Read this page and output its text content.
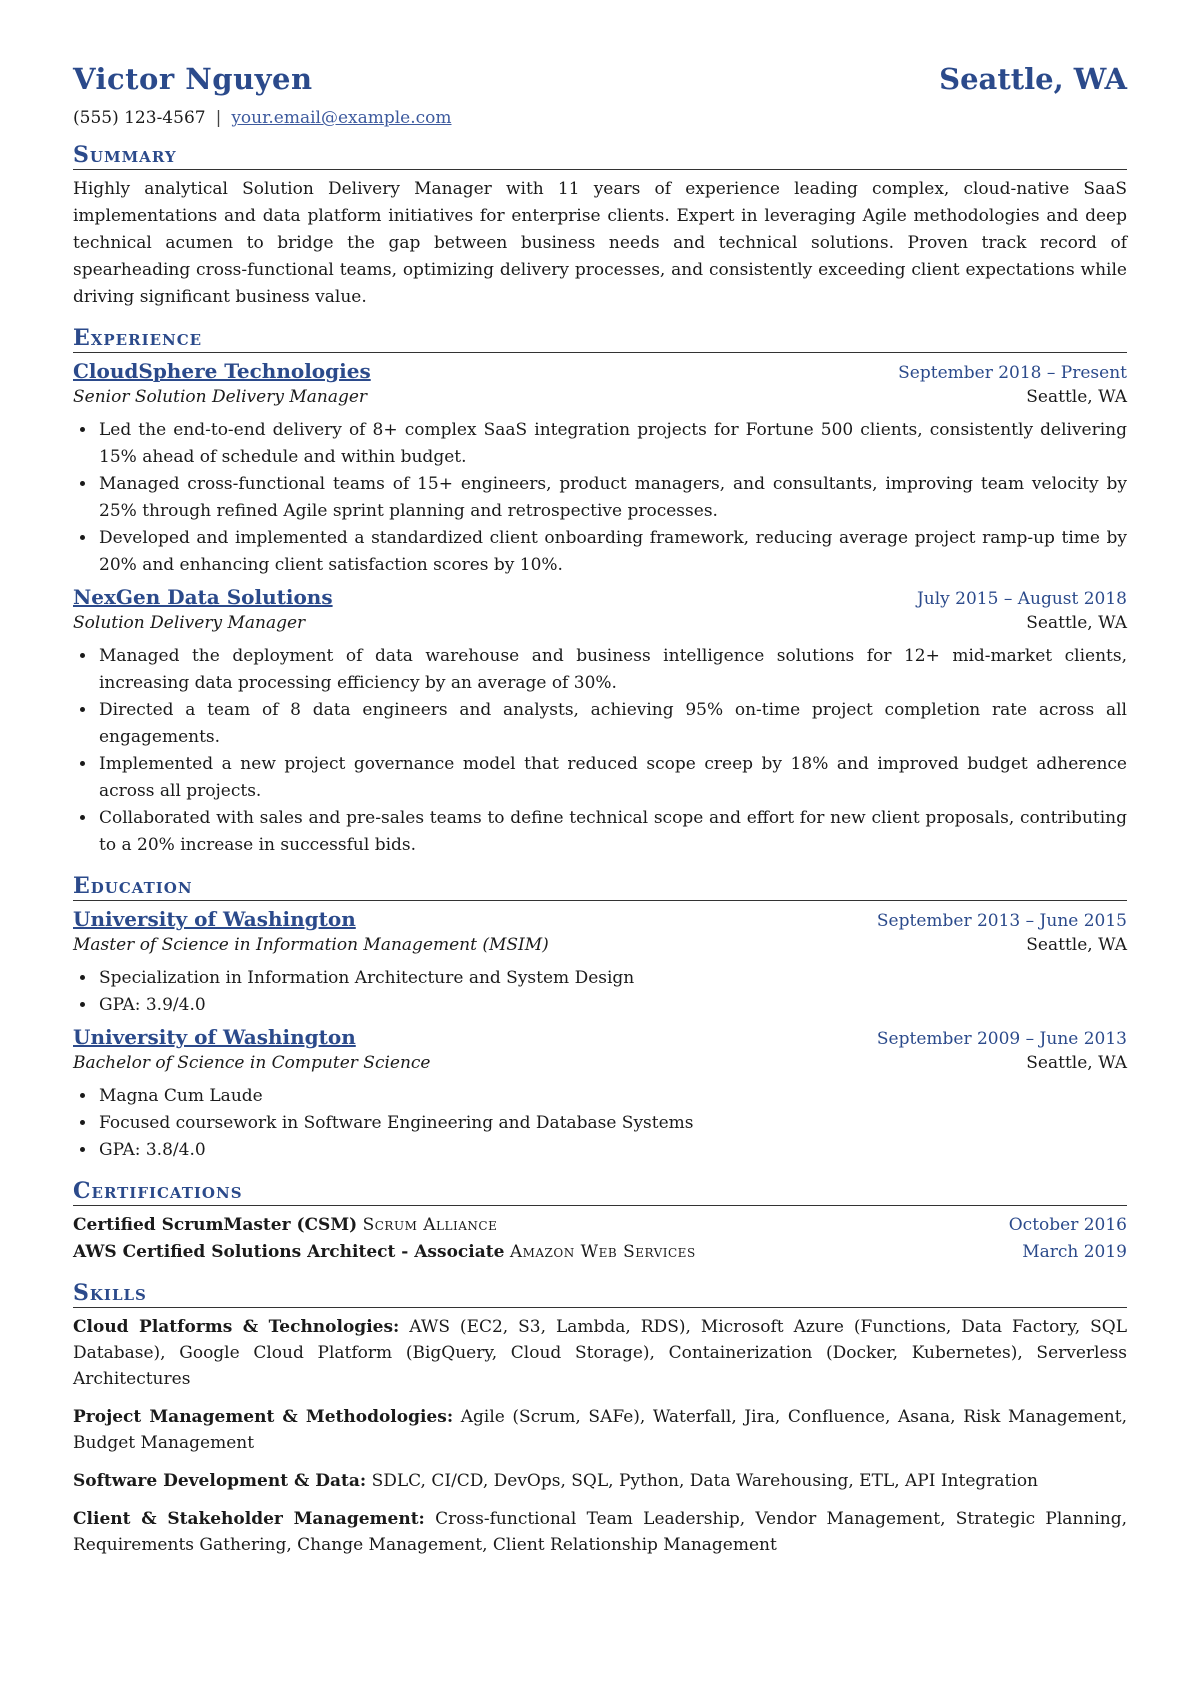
Victor Nguyen	Seattle, WA
(555) 123-4567 | your.email@example.com
Summary

Highly analytical Solution Delivery Manager with 11 years of experience leading complex, cloud-native SaaS implementations and data platform initiatives for enterprise clients. Expert in leveraging Agile methodologies and deep technical acumen to bridge the gap between business needs and technical solutions. Proven track record of spearheading cross-functional teams, optimizing delivery processes, and consistently exceeding client expectations while driving significant business value.

Experience
CloudSphere Technologies	September 2018 – Present
Senior Solution Delivery Manager	Seattle, WA
• Led the end-to-end delivery of 8+ complex SaaS integration projects for Fortune 500 clients, consistently delivering 15% ahead of schedule and within budget.
• Managed cross-functional teams of 15+ engineers, product managers, and consultants, improving team velocity by 25% through refined Agile sprint planning and retrospective processes.
• Developed and implemented a standardized client onboarding framework, reducing average project ramp-up time by 20% and enhancing client satisfaction scores by 10%.
NexGen Data Solutions	July 2015 – August 2018
Solution Delivery Manager	Seattle, WA
• Managed the deployment of data warehouse and business intelligence solutions for 12+ mid-market clients, increasing data processing efficiency by an average of 30%.
• Directed a team of 8 data engineers and analysts, achieving 95% on-time project completion rate across all engagements.
• Implemented a new project governance model that reduced scope creep by 18% and improved budget adherence across all projects.
• Collaborated with sales and pre-sales teams to define technical scope and effort for new client proposals, contributing to a 20% increase in successful bids.
Education
University of Washington	September 2013 – June 2015
Master of Science in Information Management (MSIM)	Seattle, WA
• Specialization in Information Architecture and System Design
• GPA: 3.9/4.0
University of Washington	September 2009 – June 2013
Bachelor of Science in Computer Science	Seattle, WA
• Magna Cum Laude
• Focused coursework in Software Engineering and Database Systems
• GPA: 3.8/4.0
Certifications
Certified ScrumMaster (CSM) Scrum Alliance	October 2016
AWS Certified Solutions Architect - Associate Amazon Web Services	March 2019
Skills

Cloud Platforms & Technologies: AWS (EC2, S3, Lambda, RDS), Microsoft Azure (Functions, Data Factory, SQL Database), Google Cloud Platform (BigQuery, Cloud Storage), Containerization (Docker, Kubernetes), Serverless Architectures

Project Management & Methodologies: Agile (Scrum, SAFe), Waterfall, Jira, Confluence, Asana, Risk Management, Budget Management

Software Development & Data: SDLC, CI/CD, DevOps, SQL, Python, Data Warehousing, ETL, API Integration

Client & Stakeholder Management: Cross-functional Team Leadership, Vendor Management, Strategic Planning, Requirements Gathering, Change Management, Client Relationship Management
